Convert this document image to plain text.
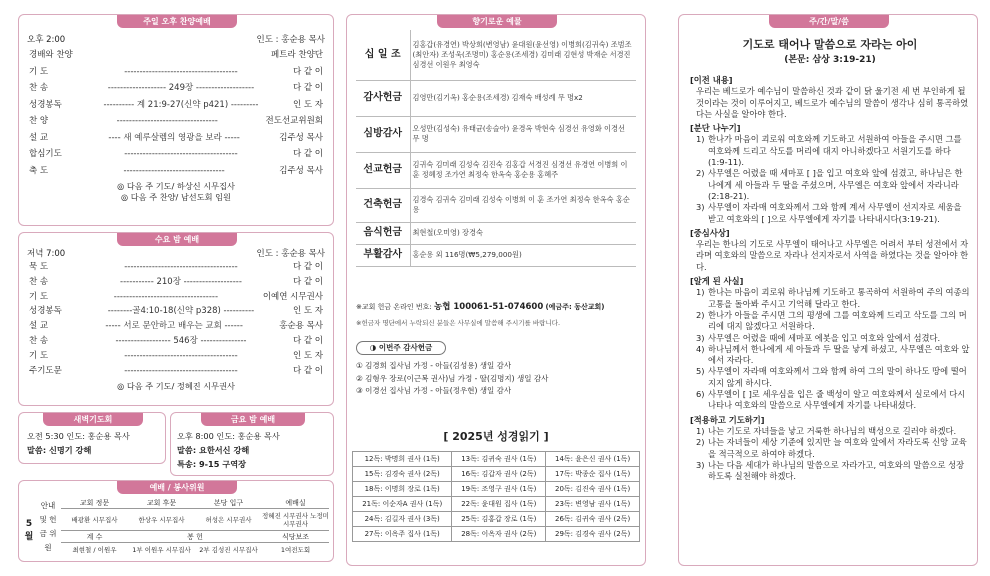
주일 오후 찬양예배
오후 2:00	인도 : 홍순용 목사
경배와 찬양	페트라 찬양단
기 도	-------------------------------------	다 같 이
찬 송	------------------- 249장 -------------------	다 같 이
성경봉독	---------- 계 21:9-27(신약 p421) ---------	인 도 자
찬 양	---------------------------------	전도선교위원회
설 교	---- 새 예루살렘의 영광을 보라 -----	김주성 목사
합심기도	-------------------------------------	다 같 이
축 도	---------------------------------	김주성 목사
◎ 다음 주 기도/ 하상신 시무집사
◎ 다음 주 찬양/ 남선도회 임원
수요 밤 예배
저녁 7:00	인도 : 홍순용 목사
묵 도	-------------------------------------	다 같 이
찬 송	----------- 210장 -------------------	다 같 이
기 도	----------------------------------	이예연 시무권사
성경봉독	--------골4:10-18(신약 p328) ----------	인 도 자
설 교	----- 서로 문안하고 배우는 교회 ------	홍순용 목사
찬 송	------------------ 546장 ---------------	다 같 이
기 도	-------------------------------------	인 도 자
주기도문	-------------------------------------	다 같 이
◎ 다음 주 기도/ 정혜진 시무권사
새벽기도회
오전 5:30 인도: 홍순용 목사
말씀: 신명기 강해
금요 밤 예배
오후 8:00 인도: 홍순용 목사
말씀: 요한서신 강해
특송: 9-15 구역장
예배 / 봉사위원
5월
안내 및 헌금 위원
교회 정문	교회 후문	본당 입구	예배실
배광환 시무집사	한상우 시무집사	허성은 시무권사	정혜진 시무권사 노정미 시무권사
계 수	봉 헌	식당보조
최현철 / 이원우	1부 이원우 시무집사	2부 김성진 시무집사	1여전도회
향기로운 예물
십 일 조	김홍갑(유경연) 박상희(변영남) 윤대원(윤선영) 이병희(김귀숙) 조범조(최안자) 조성욱(조명미) 홍순용(조세경) 김미래 김현성 박재순 서경진 심경선 이원우 최영숙
감사헌금	김영만(김기옥) 홍순용(조세경) 김재숙 배성례 무 명x2
심방감사	오성만(김성숙) 유태균(송슬아) 윤경옥 박현숙 심경선 유영화 이경선 무 명
선교헌금	김귀숙 김미래 김성숙 김진숙 김홍갑 서경진 심경선 유경연 이병희 이 훈 정혜정 조가연 최정숙 한옥숙 홍순용 홍혜주
건축헌금	김경숙 김귀숙 김미래 김성숙 이병희 이 훈 조가연 최정숙 한옥숙 홍순용
음식헌금	최현철(오미영) 장경숙
부활감사	홍순용 외 116명(₩5,279,000원)
※교회 헌금 온라인 번호: 농협 100061-51-074600 (예금주: 동산교회)
※헌금자 명단에서 누락되신 분들은 사무실에 말씀해 주시기를 바랍니다.
◑ 이번주 감사헌금
① 김경희 집사님 가정 - 아들(김성용) 생일 감사
② 김형우 장로(이근복 권사)님 가정 - 딸(김명지) 생일 감사
③ 이경선 집사님 가정 - 아들(정우현) 생일 감사
[ 2025년 성경읽기 ]
12독: 박명희 권사 (1독)	13독: 김귀숙 권사 (1독)	14독: 윤은신 권사 (1독)
15독: 김경숙 권사 (2독)	16독: 김갑자 권사 (2독)	17독: 박종순 집사 (1독)
18독: 이명희 장로 (1독)	19독: 조영구 권사 (1독)	20독: 김진숙 권사 (1독)
21독: 이순자A 권사 (1독)	22독: 윤대원 집사 (1독)	23독: 변영남 권사 (1독)
24독: 김길자 권사 (3독)	25독: 김홍갑 장로 (1독)	26독: 김귀숙 권사 (2독)
27독: 이옥주 집사 (1독)	28독: 이옥자 권사 (2독)	29독: 김경숙 권사 (2독)
주/간/말/씀
기도로 태어나 말씀으로 자라는 아이
(본문: 삼상 3:19-21)
[이전 내용]
우리는 베드로가 예수님이 말씀하신 것과 같이 닭 울기전 세 번 부인하게 될 것이라는 것이 이루어지고, 베드로가 예수님의 말씀이 생각나 심히 통곡하였다는 사실을 알아야 한다.
[분단 나누기]
1) 한나가 마음이 괴로워 여호와께 기도하고 서원하여 아들을 주시면 그를 여호와께 드리고 삭도를 머리에 대지 아니하겠다고 서원기도를 하다(1:9-11).
2) 사무엘은 어렸을 때 세마포 [ ]을 입고 여호와 앞에 섬겼고, 하나님은 한나에게 세 아들과 두 딸을 주셨으며, 사무엘은 여호와 앞에서 자라니라(2:18-21).
3) 사무엘이 자라매 여호와께서 그와 함께 계셔 사무엘이 선지자로 세움을 받고 여호와의 [ ]으로 사무엘에게 자기를 나타내시다(3:19-21).
[중심사상]
우리는 한나의 기도로 사무엘이 태어나고 사무엘은 어려서 부터 성전에서 자라며 여호와의 말씀으로 자라나 선지자로서 사역을 하였다는 것을 알아야 한다.
[알게 된 사실]
1) 한나는 마음이 괴로워 하나님께 기도하고 통곡하여 서원하여 주의 여종의 고통을 돌아봐 주시고 기억해 달라고 한다.
2) 한나가 아들을 주시면 그의 평생에 그를 여호와께 드리고 삭도를 그의 머리에 대지 않겠다고 서원하다.
3) 사무엘은 어렸을 때에 세마포 에봇을 입고 여호와 앞에서 섬겼다.
4) 하나님께서 한나에게 세 아들과 두 딸을 낳게 하셨고, 사무엘은 여호와 앞에서 자라다.
5) 사무엘이 자라매 여호와께서 그와 함께 하여 그의 말이 하나도 땅에 떨어지지 않게 하시다.
6) 사무엘이 [ ]로 세우심을 입은 줄 백성이 알고 여호와께서 실로에서 다시 나타나 여호와의 말씀으로 사무엘에게 자기를 나타내셨다.
[적용하고 기도하기]
1) 나는 기도로 자녀들을 낳고 거룩한 하나님의 백성으로 길러야 하겠다.
2) 나는 자녀들이 세상 기준에 있지만 늘 여호와 앞에서 자라도록 신앙 교육을 적극적으로 하여야 하겠다.
3) 나는 다음 세대가 하나님의 말씀으로 자라가고, 여호와의 말씀으로 성장하도록 실천해야 하겠다.
